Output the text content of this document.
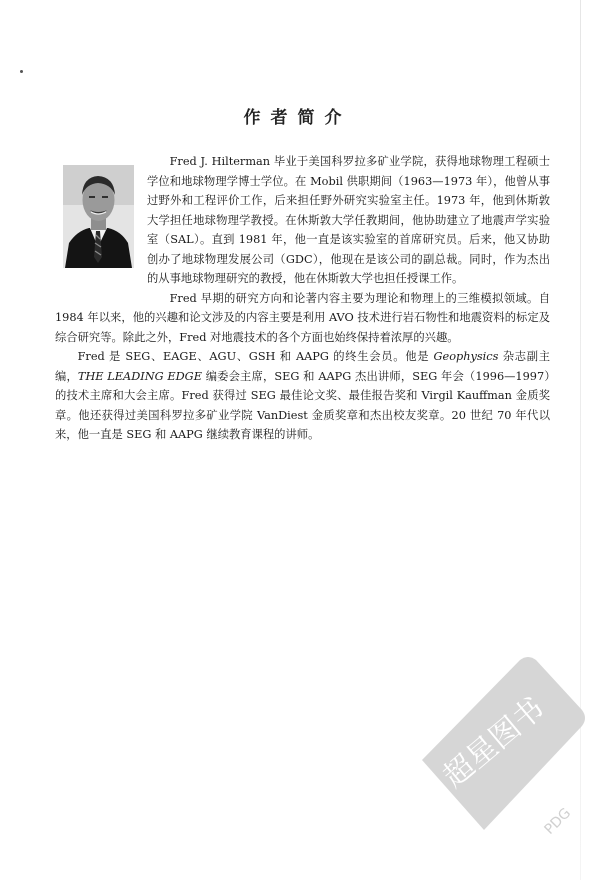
作者简介

Fred J. Hilterman 毕业于美国科罗拉多矿业学院，获得地球物理工程硕士学位和地球物理学博士学位。在 Mobil 供职期间（1963—1973 年），他曾从事过野外和工程评价工作，后来担任野外研究实验室主任。1973 年，他到休斯敦大学担任地球物理学教授。在休斯敦大学任教期间，他协助建立了地震声学实验室（SAL）。直到 1981 年，他一直是该实验室的首席研究员。后来，他又协助创办了地球物理发展公司（GDC），他现在是该公司的副总裁。同时，作为杰出的从事地球物理研究的教授，他在休斯敦大学也担任授课工作。

Fred 早期的研究方向和论著内容主要为理论和物理上的三维模拟领域。自 1984 年以来，他的兴趣和论文涉及的内容主要是利用 AVO 技术进行岩石物性和地震资料的标定及综合研究等。除此之外，Fred 对地震技术的各个方面也始终保持着浓厚的兴趣。

Fred 是 SEG、EAGE、AGU、GSH 和 AAPG 的终生会员。他是 Geophysics 杂志副主编，THE LEADING EDGE 编委会主席，SEG 和 AAPG 杰出讲师，SEG 年会（1996—1997）的技术主席和大会主席。Fred 获得过 SEG 最佳论文奖、最佳报告奖和 Virgil Kauffman 金质奖章。他还获得过美国科罗拉多矿业学院 VanDiest 金质奖章和杰出校友奖章。20 世纪 70 年代以来，他一直是 SEG 和 AAPG 继续教育课程的讲师。

超星图书
PDG
